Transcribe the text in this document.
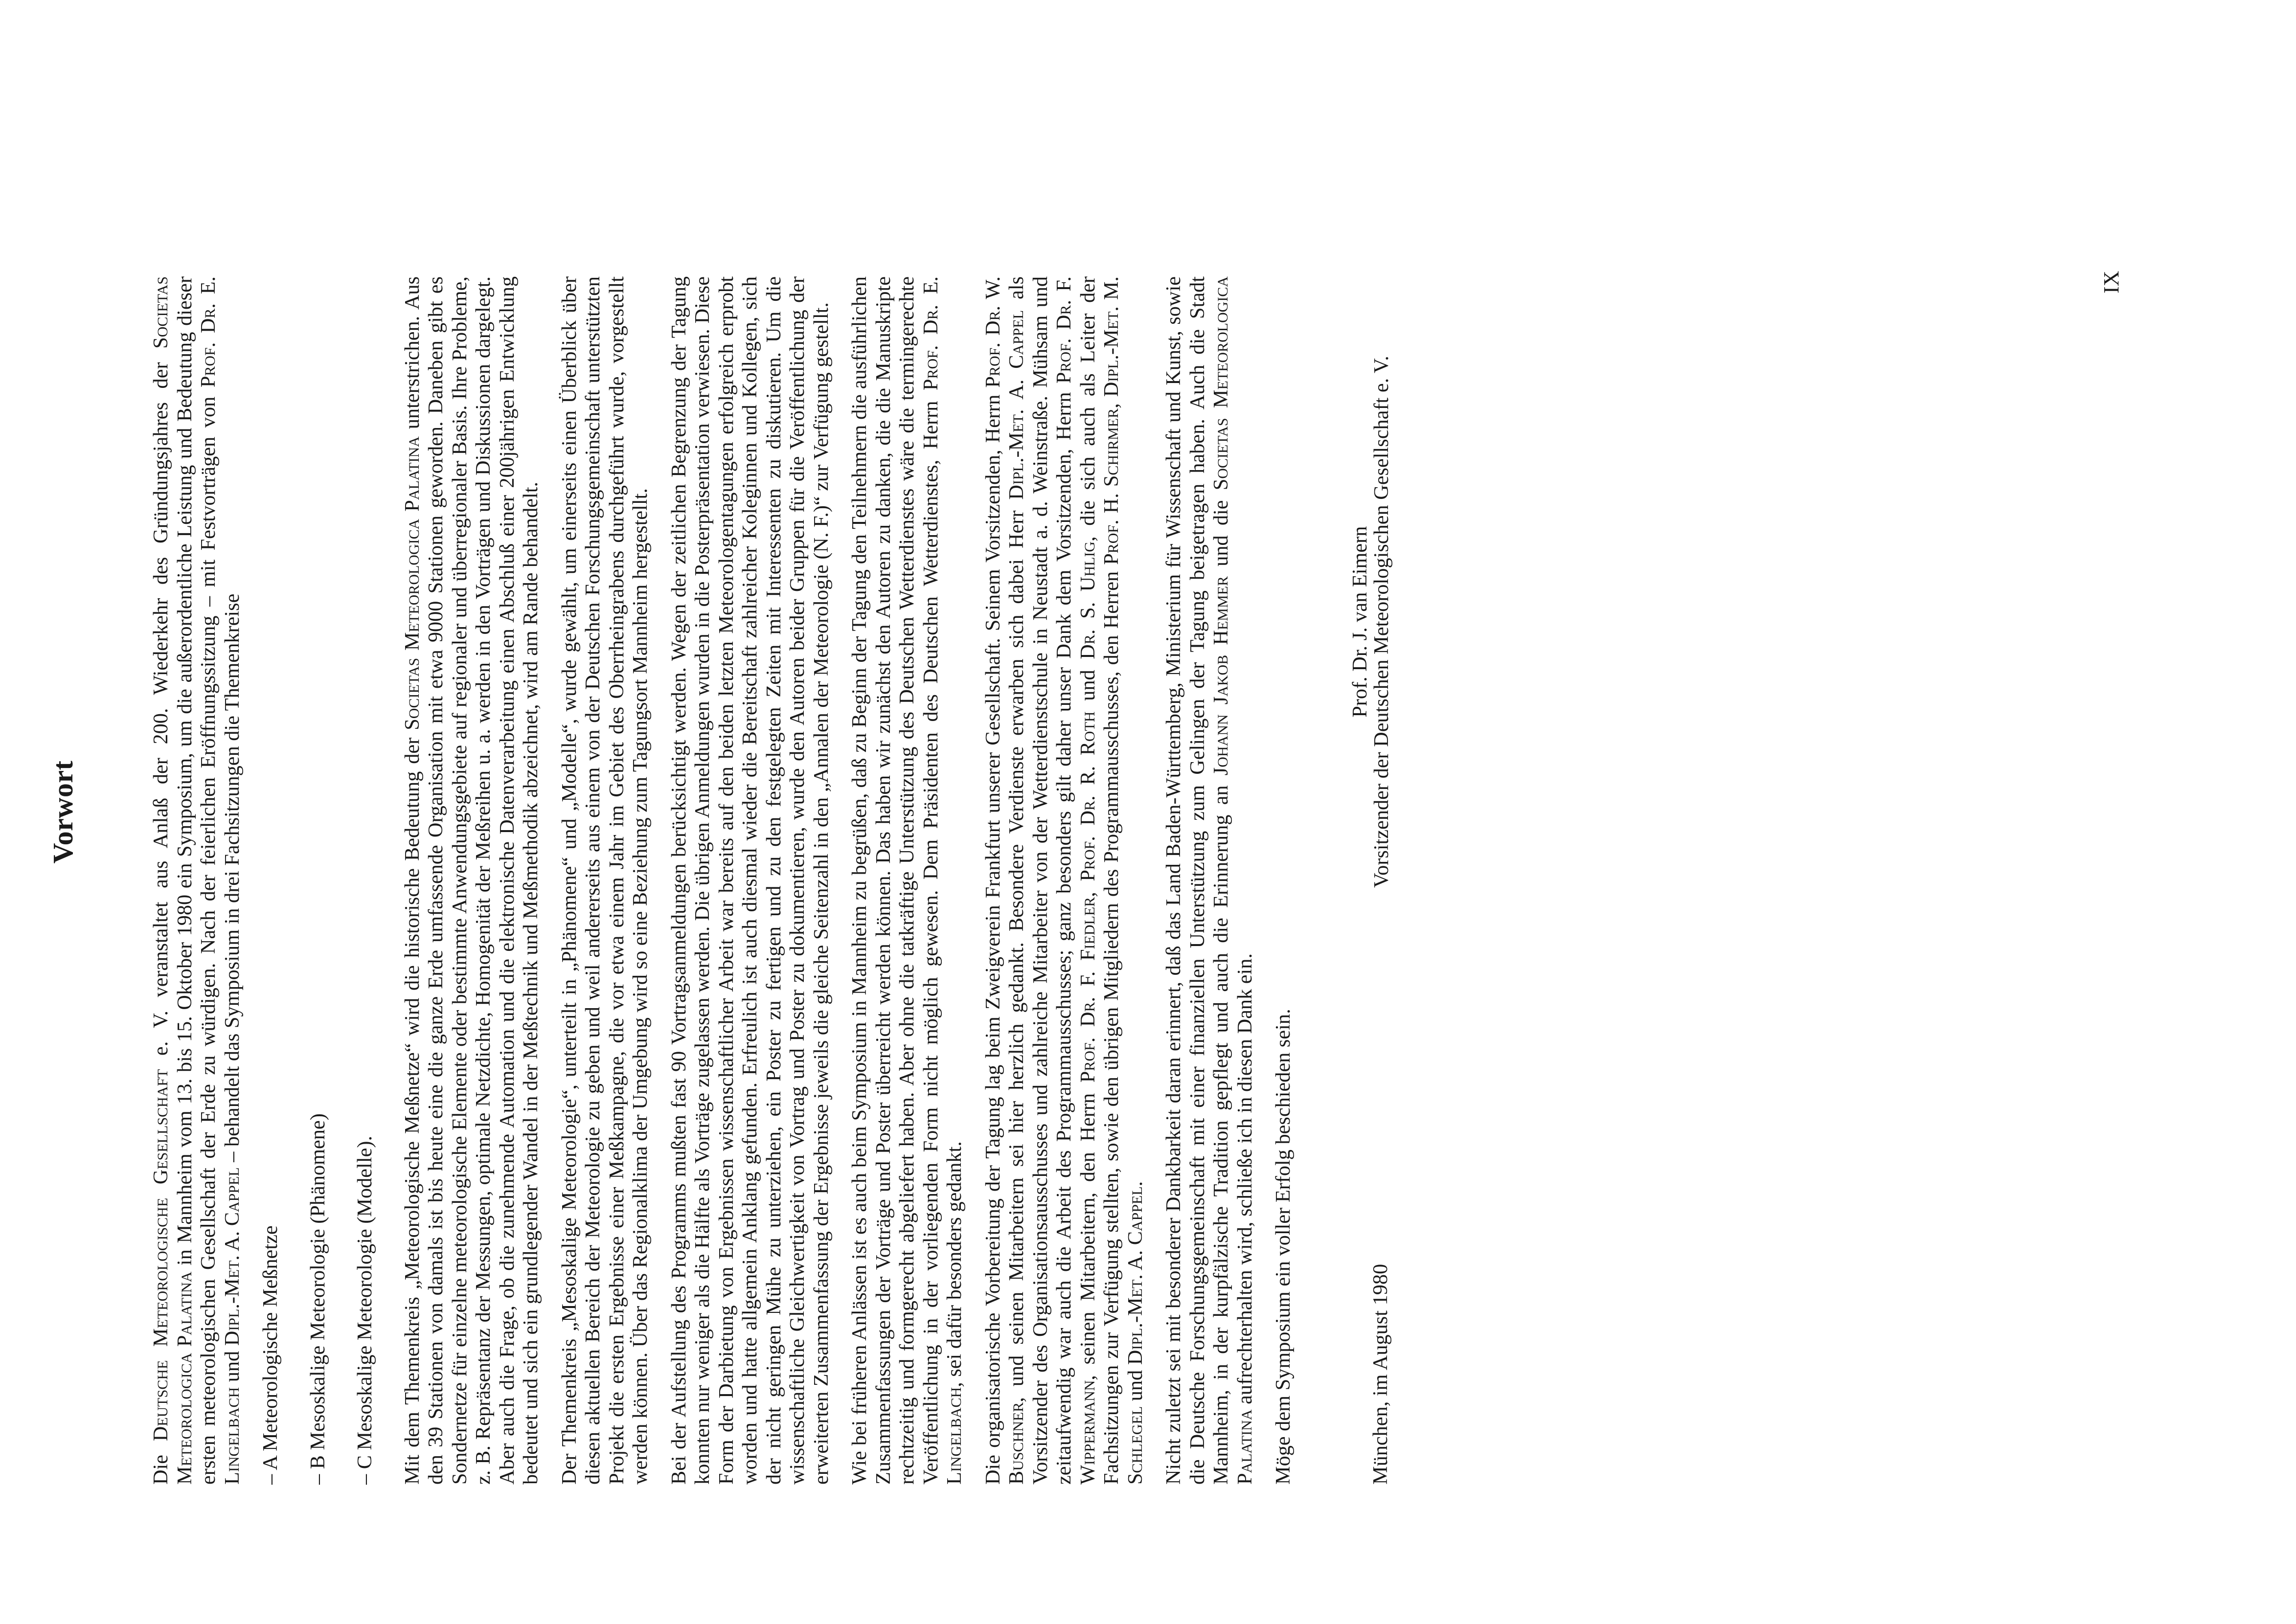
Vorwort

Die Deutsche Meteorologische Gesellschaft e. V. veranstaltet aus Anlaß der 200. Wiederkehr des Gründungsjahres der Societas Meteorologica Palatina in Mannheim vom 13. bis 15. Oktober 1980 ein Symposium, um die außerordentliche Leistung und Bedeutung dieser ersten meteorologischen Gesellschaft der Erde zu würdigen. Nach der feierlichen Eröffnungssitzung – mit Festvorträgen von Prof. Dr. E. Lingelbach und Dipl.-Met. A. Cappel – behandelt das Symposium in drei Fachsitzungen die Themenkreise

– A Meteorologische Meßnetze – B Mesoskalige Meteorologie (Phänomene) – C Mesoskalige Meteorologie (Modelle). Mit dem Themenkreis „Meteorologische Meßnetze“ wird die historische Bedeutung der Societas Meteorologica Palatina unterstrichen. Aus den 39 Stationen von damals ist bis heute eine die ganze Erde umfassende Organisation mit etwa 9000 Stationen geworden. Daneben gibt es Sondernetze für einzelne meteorologische Elemente oder bestimmte Anwendungsgebiete auf regionaler und überregionaler Basis. Ihre Probleme, z. B. Repräsentanz der Messungen, optimale Netzdichte, Homogenität der Meßreihen u. a. werden in den Vorträgen und Diskussionen dargelegt. Aber auch die Frage, ob die zunehmende Automation und die elektronische Datenverarbeitung einen Abschluß einer 200jährigen Entwicklung bedeutet und sich ein grundlegender Wandel in der Meßtechnik und Meßmethodik abzeichnet, wird am Rande behandelt. Der Themenkreis „Mesoskalige Meteorologie“, unterteilt in „Phänomene“ und „Modelle“, wurde gewählt, um einerseits einen Überblick über diesen aktuellen Bereich der Meteorologie zu geben und weil andererseits aus einem von der Deutschen Forschungsgemeinschaft unterstützten Projekt die ersten Ergebnisse einer Meßkampagne, die vor etwa einem Jahr im Gebiet des Oberrheingrabens durchgeführt wurde, vorgestellt werden können. Über das Regionalklima der Umgebung wird so eine Beziehung zum Tagungsort Mannheim hergestellt. Bei der Aufstellung des Programms mußten fast 90 Vortragsanmeldungen berücksichtigt werden. Wegen der zeitlichen Begrenzung der Tagung konnten nur weniger als die Hälfte als Vorträge zugelassen werden. Die übrigen Anmeldungen wurden in die Posterpräsentation verwiesen. Diese Form der Darbietung von Ergebnissen wissenschaftlicher Arbeit war bereits auf den beiden letzten Meteorologentagungen erfolgreich erprobt worden und hatte allgemein Anklang gefunden. Erfreulich ist auch diesmal wieder die Bereitschaft zahlreicher Koleginnen und Kollegen, sich der nicht geringen Mühe zu unterziehen, ein Poster zu fertigen und zu den festgelegten Zeiten mit Interessenten zu diskutieren. Um die wissenschaftliche Gleichwertigkeit von Vortrag und Poster zu dokumentieren, wurde den Autoren beider Gruppen für die Veröffentlichung der erweiterten Zusammenfassung der Ergebnisse jeweils die gleiche Seitenzahl in den „Annalen der Meteorologie (N. F.)“ zur Verfügung gestellt. Wie bei früheren Anlässen ist es auch beim Symposium in Mannheim zu begrüßen, daß zu Beginn der Tagung den Teilnehmern die ausführlichen Zusammenfassungen der Vorträge und Poster überreicht werden können. Das haben wir zunächst den Autoren zu danken, die die Manuskripte rechtzeitig und formgerecht abgeliefert haben. Aber ohne die tatkräftige Unterstützung des Deutschen Wetterdienstes wäre die termingerechte Veröffentlichung in der vorliegenden Form nicht möglich gewesen. Dem Präsidenten des Deutschen Wetterdienstes, Herrn Prof. Dr. E. Lingelbach, sei dafür besonders gedankt. Die organisatorische Vorbereitung der Tagung lag beim Zweigverein Frankfurt unserer Gesellschaft. Seinem Vorsitzenden, Herrn Prof. Dr. W. Buschner, und seinen Mitarbeitern sei hier herzlich gedankt. Besondere Verdienste erwarben sich dabei Herr Dipl.-Met. A. Cappel als Vorsitzender des Organisationsausschusses und zahlreiche Mitarbeiter von der Wetterdienstschule in Neustadt a. d. Weinstraße. Mühsam und zeitaufwendig war auch die Arbeit des Programmausschusses; ganz besonders gilt daher unser Dank dem Vorsitzenden, Herrn Prof. Dr. F. Wippermann, seinen Mitarbeitern, den Herrn Prof. Dr. F. Fiedler, Prof. Dr. R. Roth und Dr. S. Uhlig, die sich auch als Leiter der Fachsitzungen zur Verfügung stellten, sowie den übrigen Mitgliedern des Programmausschusses, den Herren Prof. H. Schirmer, Dipl.-Met. M. Schlegel und Dipl.-Met. A. Cappel. Nicht zuletzt sei mit besonderer Dankbarkeit daran erinnert, daß das Land Baden-Württemberg, Ministerium für Wissenschaft und Kunst, sowie die Deutsche Forschungsgemeinschaft mit einer finanziellen Unterstützung zum Gelingen der Tagung beigetragen haben. Auch die Stadt Mannheim, in der kurpfälzische Tradition gepflegt und auch die Erinnerung an Johann Jakob Hemmer und die Societas Meteorologica Palatina aufrechterhalten wird, schließe ich in diesen Dank ein. Möge dem Symposium ein voller Erfolg beschieden sein.	München, im August 1980
Prof. Dr. J. van Eimern
Vorsitzender der Deutschen Meteorologischen Gesellschaft e. V.
IX
